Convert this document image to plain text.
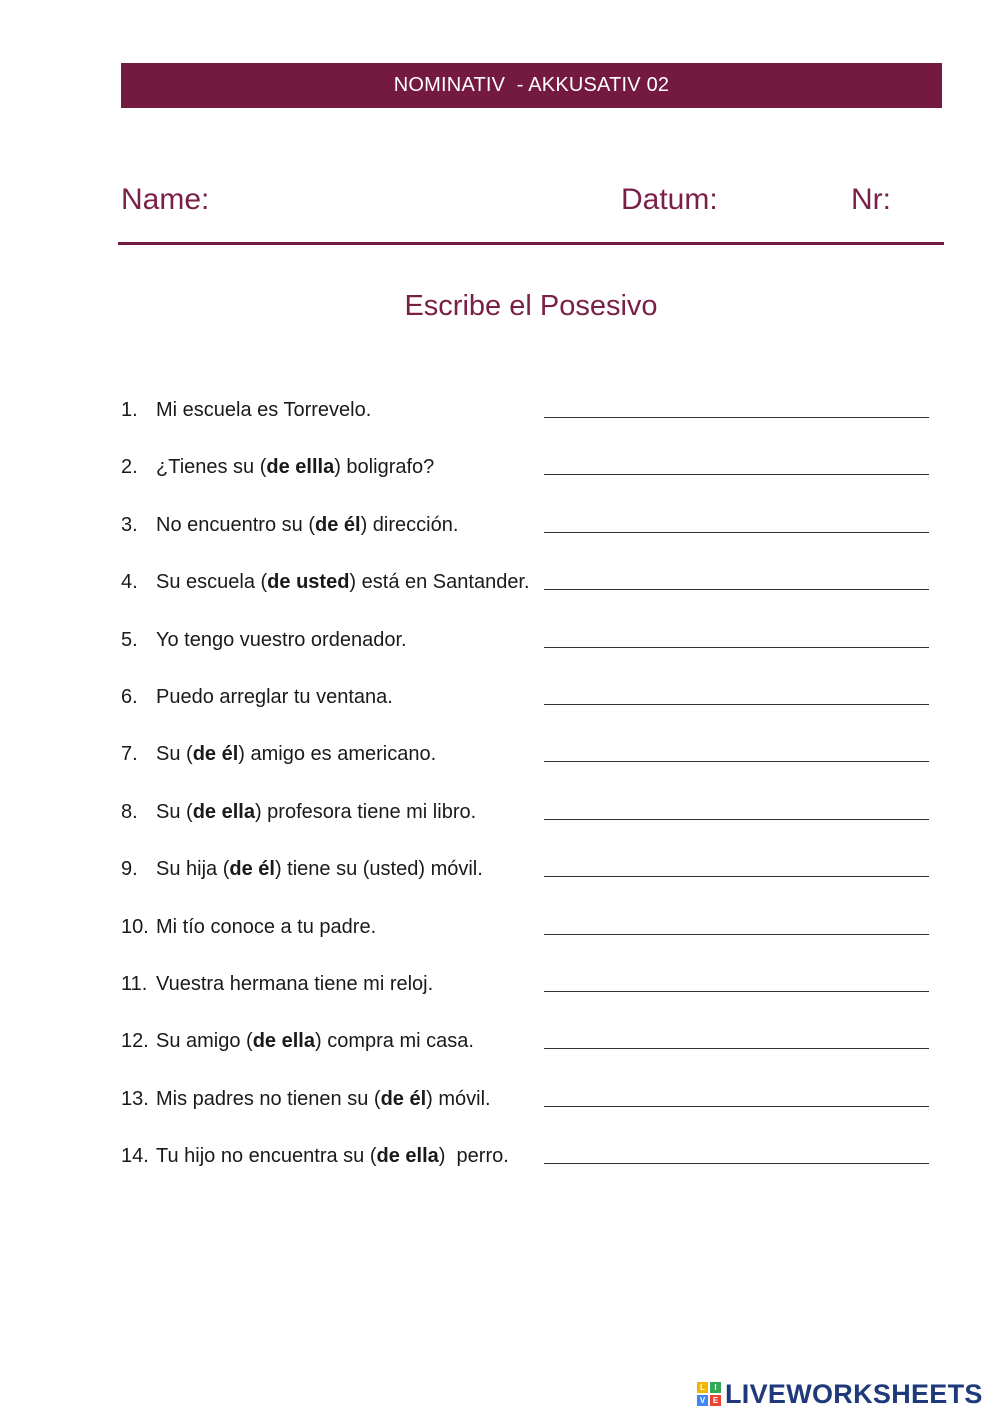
NOMINATIV  - AKKUSATIV 02
Name:	Datum:	Nr:
Escribe el Posesivo
1. Mi escuela es Torrevelo.
2. ¿Tienes su (de ellla) boligrafo?
3. No encuentro su (de él) dirección.
4. Su escuela (de usted) está en Santander.
5. Yo tengo vuestro ordenador.
6. Puedo arreglar tu ventana.
7. Su (de él) amigo es americano.
8. Su (de ella) profesora tiene mi libro.
9. Su hija (de él) tiene su (usted) móvil.
10. Mi tío conoce a tu padre.
11. Vuestra hermana tiene mi reloj.
12. Su amigo (de ella) compra mi casa.
13. Mis padres no tienen su (de él) móvil.
14. Tu hijo no encuentra su (de ella)  perro.
L	I
V E LIVEWORKSHEETS
